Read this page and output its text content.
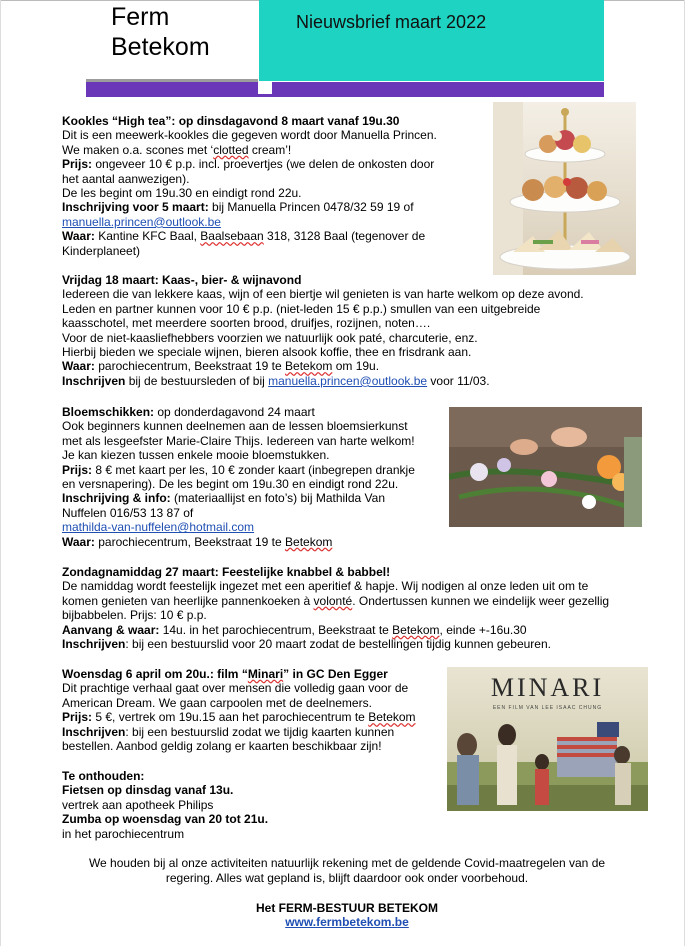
Ferm
Betekom
Nieuwsbrief maart 2022

Kookles “High tea”: op dinsdagavond 8 maart vanaf 19u.30

Dit is een meewerk-kookles die gegeven wordt door Manuella Princen.

We maken o.a. scones met ‘clotted cream’!

Prijs: ongeveer 10 € p.p. incl. proevertjes (we delen de onkosten door

het aantal aanwezigen).

De les begint om 19u.30 en eindigt rond 22u.

Inschrijving voor 5 maart: bij Manuella Princen 0478/32 59 19 of

manuella.princen@outlook.be

Waar: Kantine KFC Baal, Baalsebaan 318, 3128 Baal (tegenover de

Kinderplaneet)

Vrijdag 18 maart: Kaas-, bier- & wijnavond

Iedereen die van lekkere kaas, wijn of een biertje wil genieten is van harte welkom op deze avond.

Leden en partner kunnen voor 10 € p.p. (niet-leden 15 € p.p.) smullen van een uitgebreide

kaasschotel, met meerdere soorten brood, druifjes, rozijnen, noten….

Voor de niet-kaasliefhebbers voorzien we natuurlijk ook paté, charcuterie, enz.

Hierbij bieden we speciale wijnen, bieren alsook koffie, thee en frisdrank aan.

Waar: parochiecentrum, Beekstraat 19 te Betekom om 19u.

Inschrijven bij de bestuursleden of bij manuella.princen@outlook.be voor 11/03.

Bloemschikken: op donderdagavond 24 maart

Ook beginners kunnen deelnemen aan de lessen bloemsierkunst

met als lesgeefster Marie-Claire Thijs. Iedereen van harte welkom!

Je kan kiezen tussen enkele mooie bloemstukken.

Prijs: 8 € met kaart per les, 10 € zonder kaart (inbegrepen drankje

en versnapering). De les begint om 19u.30 en eindigt rond 22u.

Inschrijving & info: (materiaallijst en foto’s) bij Mathilda Van

Nuffelen 016/53 13 87 of

mathilda-van-nuffelen@hotmail.com

Waar: parochiecentrum, Beekstraat 19 te Betekom

Zondagnamiddag 27 maart: Feestelijke knabbel & babbel!

De namiddag wordt feestelijk ingezet met een aperitief & hapje. Wij nodigen al onze leden uit om te

komen genieten van heerlijke pannenkoeken à volonté. Ondertussen kunnen we eindelijk weer gezellig

bijbabbelen. Prijs: 10 € p.p.

Aanvang & waar: 14u. in het parochiecentrum, Beekstraat te Betekom, einde +-16u.30

Inschrijven: bij een bestuurslid voor 20 maart zodat de bestellingen tijdig kunnen gebeuren.

MINARI
EEN FILM VAN LEE ISAAC CHUNG

Woensdag 6 april om 20u.: film “Minari” in GC Den Egger

Dit prachtige verhaal gaat over mensen die volledig gaan voor de

American Dream. We gaan carpoolen met de deelnemers.

Prijs: 5 €, vertrek om 19u.15 aan het parochiecentrum te Betekom

Inschrijven: bij een bestuurslid zodat we tijdig kaarten kunnen

bestellen. Aanbod geldig zolang er kaarten beschikbaar zijn!

Te onthouden:

Fietsen op dinsdag vanaf 13u.

vertrek aan apotheek Philips

Zumba op woensdag van 20 tot 21u.

in het parochiecentrum

We houden bij al onze activiteiten natuurlijk rekening met de geldende Covid-maatregelen van de
regering. Alles wat gepland is, blijft daardoor ook onder voorbehoud.
Het FERM-BESTUUR BETEKOM
www.fermbetekom.be
